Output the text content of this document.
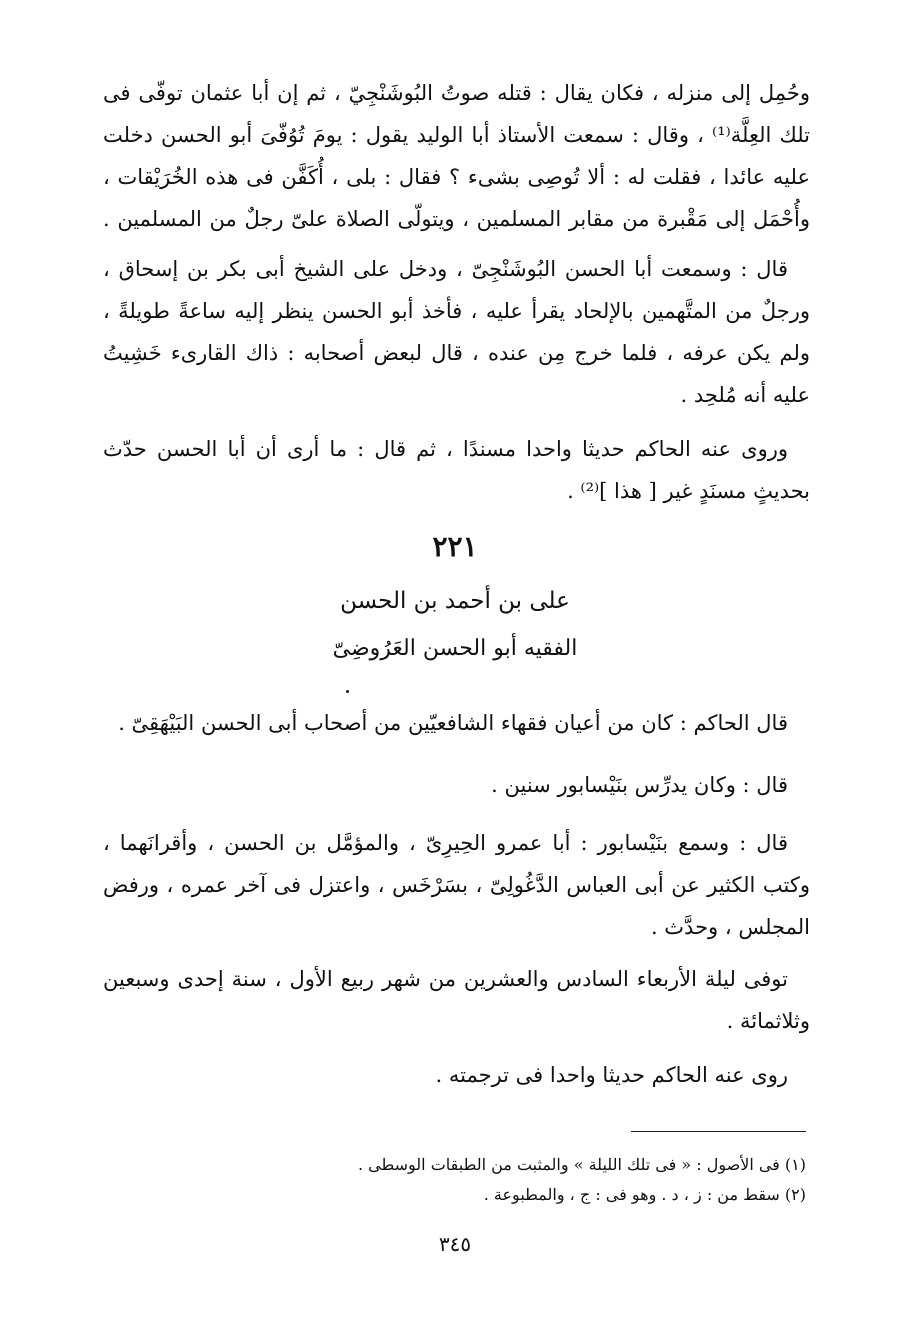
وحُمِل إلى منزله ، فكان يقال : قتله صوتُ البُوشَنْجِيّ ، ثم إن أبا عثمان توفّى فى
تلك العِلَّة⁽¹⁾ ، وقال : سمعت الأستاذ أبا الوليد يقول : يومَ تُوُفّىَ أبو الحسن دخلت
عليه عائدا ، فقلت له : ألا تُوصِى بشىء ؟ فقال : بلى ، أُكَفَّن فى هذه الخُرَيْقات ،
وأُحْمَل إلى مَقْبرة من مقابر المسلمين ، ويتولّى الصلاة علىّ رجلٌ من المسلمين .
قال : وسمعت أبا الحسن البُوشَنْجِىّ ، ودخل على الشيخ أبى بكر بن إسحاق ،
ورجلٌ من المتَّهمين بالإلحاد يقرأ عليه ، فأخذ أبو الحسن ينظر إليه ساعةً طويلةً ،
ولم يكن عرفه ، فلما خرج مِن عنده ، قال لبعض أصحابه : ذاك القارىء خَشِيتُ
عليه أنه مُلحِد .
وروى عنه الحاكم حديثا واحدا مسندًا ، ثم قال : ما أرى أن أبا الحسن حدّث
بحديثٍ مسنَدٍ غير [ هذا ]⁽²⁾ .
٢٢١
على بن أحمد بن الحسن
الفقيه أبو الحسن العَرُوضِىّ
قال الحاكم : كان من أعيان فقهاء الشافعيّين من أصحاب أبى الحسن البَيْهَقِىّ .
قال : وكان يدرِّس بنَيْسابور سنين .
قال : وسمع بنَيْسابور : أبا عمرو الحِيرِىّ ، والمؤمَّل بن الحسن ، وأقرانَهما ،
وكتب الكثير عن أبى العباس الدَّغُولِىّ ، بسَرْخَس ، واعتزل فى آخر عمره ، ورفض
المجلس ، وحدَّث .
توفى ليلة الأربعاء السادس والعشرين من شهر ربيع الأول ، سنة إحدى وسبعين
وثلاثمائة .
روى عنه الحاكم حديثا واحدا فى ترجمته .
(١) فى الأصول : « فى تلك الليلة » والمثبت من الطبقات الوسطى .
(٢) سقط من : ز ، د . وهو فى : ج ، والمطبوعة .
٣٤٥
